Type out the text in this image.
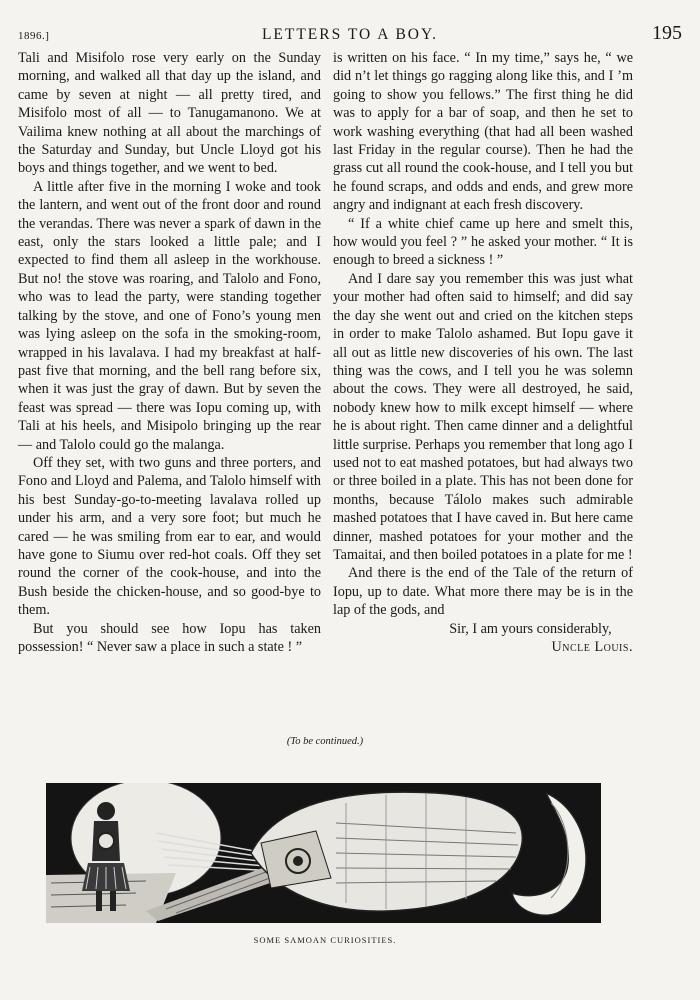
1896.]	LETTERS TO A BOY.	195

Tali and Misifolo rose very early on the Sunday morning, and walked all that day up the island, and came by seven at night — all pretty tired, and Misifolo most of all — to Tanugamanono. We at Vailima knew nothing at all about the marchings of the Saturday and Sunday, but Uncle Lloyd got his boys and things together, and we went to bed.

A little after five in the morning I woke and took the lantern, and went out of the front door and round the verandas. There was never a spark of dawn in the east, only the stars looked a little pale; and I expected to find them all asleep in the workhouse. But no! the stove was roaring, and Talolo and Fono, who was to lead the party, were standing together talking by the stove, and one of Fono’s young men was lying asleep on the sofa in the smoking-room, wrapped in his lavalava. I had my breakfast at half-past five that morning, and the bell rang before six, when it was just the gray of dawn. But by seven the feast was spread — there was Iopu coming up, with Tali at his heels, and Misipolo bringing up the rear — and Talolo could go the malanga.

Off they set, with two guns and three porters, and Fono and Lloyd and Palema, and Talolo himself with his best Sunday-go-to-meeting lavalava rolled up under his arm, and a very sore foot; but much he cared — he was smiling from ear to ear, and would have gone to Siumu over red-hot coals. Off they set round the corner of the cook-house, and into the Bush beside the chicken-house, and so good-bye to them.

But you should see how Iopu has taken possession! “ Never saw a place in such a state ! ”

is written on his face. “ In my time,” says he, “ we did n’t let things go ragging along like this, and I ’m going to show you fellows.” The first thing he did was to apply for a bar of soap, and then he set to work washing everything (that had all been washed last Friday in the regular course). Then he had the grass cut all round the cook-house, and I tell you but he found scraps, and odds and ends, and grew more angry and indignant at each fresh discovery.

“ If a white chief came up here and smelt this, how would you feel ? ” he asked your mother. “ It is enough to breed a sickness ! ”

And I dare say you remember this was just what your mother had often said to himself; and did say the day she went out and cried on the kitchen steps in order to make Talolo ashamed. But Iopu gave it all out as little new discoveries of his own. The last thing was the cows, and I tell you he was solemn about the cows. They were all destroyed, he said, nobody knew how to milk except himself — where he is about right. Then came dinner and a delightful little surprise. Perhaps you remember that long ago I used not to eat mashed potatoes, but had always two or three boiled in a plate. This has not been done for months, because Tálolo makes such admirable mashed potatoes that I have caved in. But here came dinner, mashed potatoes for your mother and the Tamaitai, and then boiled potatoes in a plate for me !

And there is the end of the Tale of the return of Iopu, up to date. What more there may be is in the lap of the gods, and

Sir, I am yours considerably,

Uncle Louis.

(To be continued.)
SOME SAMOAN CURIOSITIES.
